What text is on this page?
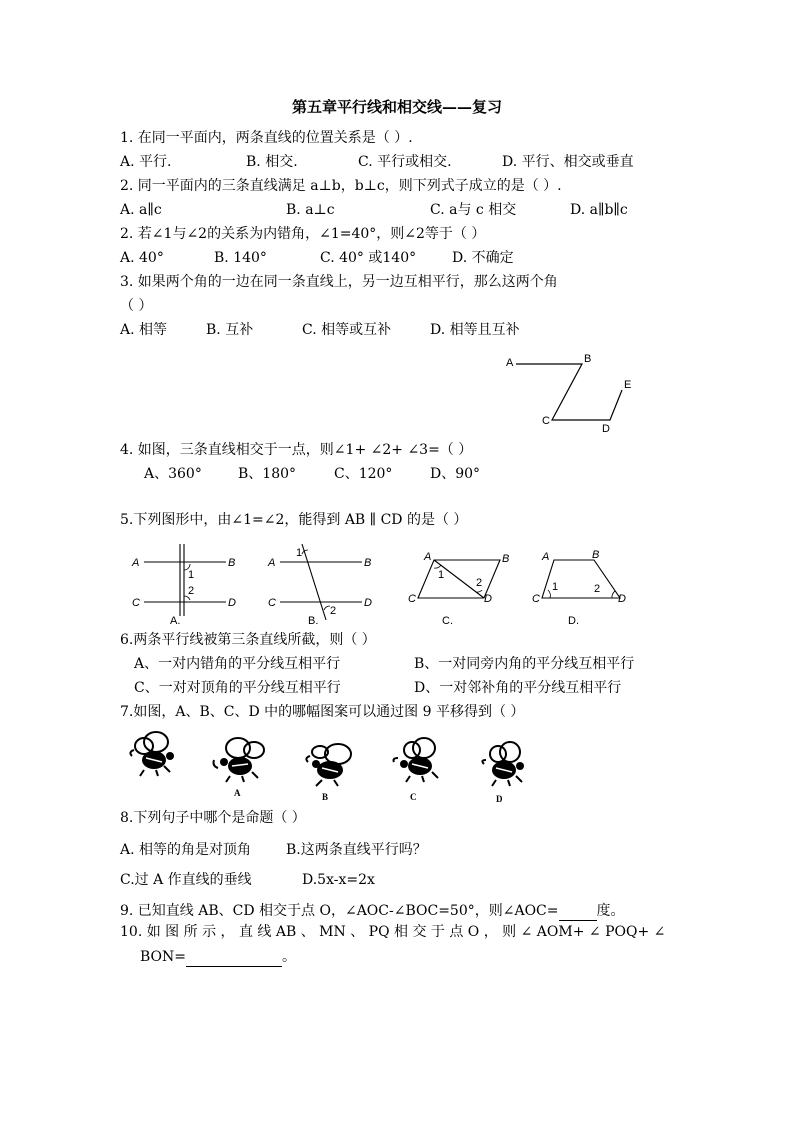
第五章平行线和相交线——复习
1. 在同一平面内，两条直线的位置关系是（ ）.
A. 平行.	B. 相交.	C. 平行或相交.	D. 平行、相交或垂直
2. 同一平面内的三条直线满足 a⊥b，b⊥c，则下列式子成立的是（ ）.
A. a∥c	B. a⊥c	C. a与 c 相交	D. a∥b∥c
2. 若∠1与∠2的关系为内错角，∠1=40°，则∠2等于（ ）
A. 40°	B. 140°	C. 40° 或140°	D. 不确定
3. 如果两个角的一边在同一条直线上，另一边互相平行，那么这两个角
（ ）
A. 相等	B. 互补	C. 相等或互补	D. 相等且互补
A	B
C
D
E
4. 如图，三条直线相交于一点，则∠1+ ∠2+ ∠3=（ ）
A、360°	B、180°	C、120°	D、90°
5.下列图形中，由∠1=∠2，能得到 AB ∥ CD 的是（ ）
A	B
C	D
1
2
A.
A	B
C	D
1
2
B.
A	B
C	D
1
2
C.
A	B
C	D
1	2
D.
6.两条平行线被第三条直线所截，则（ ）
A、一对内错角的平分线互相平行	B、一对同旁内角的平分线互相平行
C、一对对顶角的平分线互相平行	D、一对邻补角的平分线互相平行
7.如图，A、B、C、D 中的哪幅图案可以通过图 9 平移得到（ ）
A	B	C	D
8.下列句子中哪个是命题（ ）
A. 相等的角是对顶角 B.这两条直线平行吗？
C.过 A 作直线的垂线	D.5x-x=2x
9. 已知直线 AB、CD 相交于点 O，∠AOC-∠BOC=50°，则∠AOC=	度。
10. 如 图 所 示 ， 直 线 AB 、 MN 、 PQ 相 交 于 点 O ， 则 ∠ AOM+ ∠ POQ+ ∠
BON=	。
